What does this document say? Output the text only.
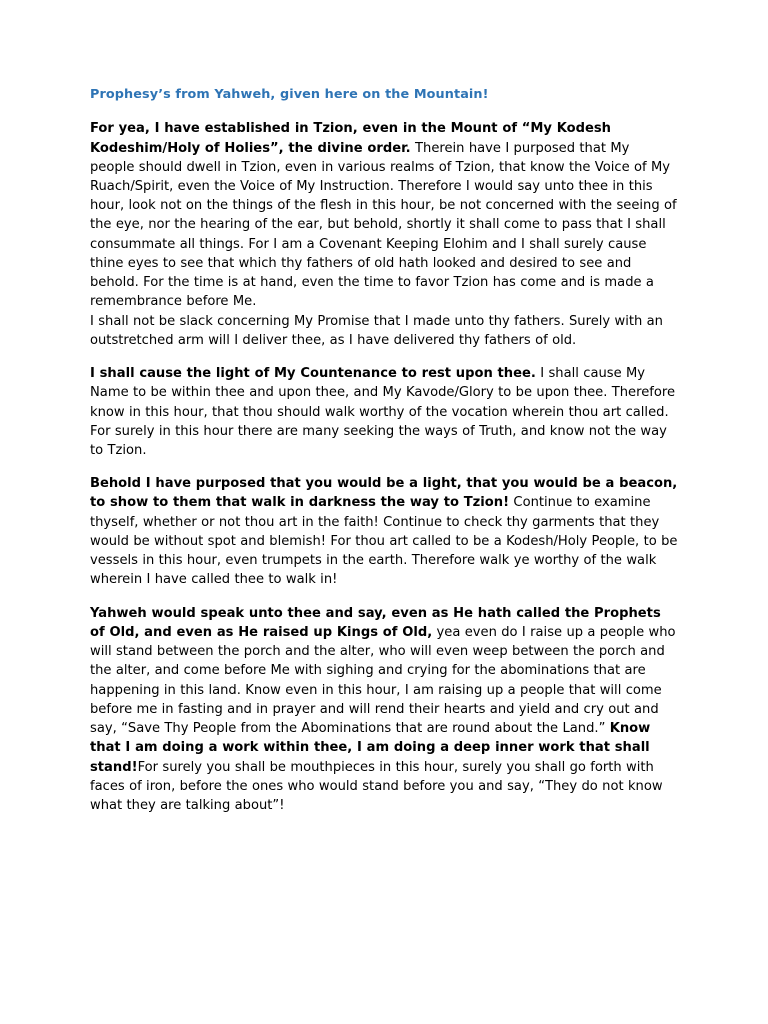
Prophesy’s from Yahweh, given here on the Mountain!

For yea, I have established in Tzion, even in the Mount of “My Kodesh Kodeshim/Holy of Holies”, the divine order. Therein have I purposed that My people should dwell in Tzion, even in various realms of Tzion, that know the Voice of My Ruach/Spirit, even the Voice of My Instruction. Therefore I would say unto thee in this hour, look not on the things of the flesh in this hour, be not concerned with the seeing of the eye, nor the hearing of the ear, but behold, shortly it shall come to pass that I shall consummate all things. For I am a Covenant Keeping Elohim and I shall surely cause thine eyes to see that which thy fathers of old hath looked and desired to see and behold. For the time is at hand, even the time to favor Tzion has come and is made a remembrance before Me.

I shall not be slack concerning My Promise that I made unto thy fathers. Surely with an outstretched arm will I deliver thee, as I have delivered thy fathers of old.

I shall cause the light of My Countenance to rest upon thee. I shall cause My Name to be within thee and upon thee, and My Kavode/Glory to be upon thee. Therefore know in this hour, that thou should walk worthy of the vocation wherein thou art called. For surely in this hour there are many seeking the ways of Truth, and know not the way to Tzion.

Behold I have purposed that you would be a light, that you would be a beacon, to show to them that walk in darkness the way to Tzion! Continue to examine thyself, whether or not thou art in the faith! Continue to check thy garments that they would be without spot and blemish! For thou art called to be a Kodesh/Holy People, to be vessels in this hour, even trumpets in the earth. Therefore walk ye worthy of the walk wherein I have called thee to walk in!

Yahweh would speak unto thee and say, even as He hath called the Prophets of Old, and even as He raised up Kings of Old, yea even do I raise up a people who will stand between the porch and the alter, who will even weep between the porch and the alter, and come before Me with sighing and crying for the abominations that are happening in this land. Know even in this hour, I am raising up a people that will come before me in fasting and in prayer and will rend their hearts and yield and cry out and say, “Save Thy People from the Abominations that are round about the Land.” Know that I am doing a work within thee, I am doing a deep inner work that shall stand!For surely you shall be mouthpieces in this hour, surely you shall go forth with faces of iron, before the ones who would stand before you and say, “They do not know what they are talking about”!
